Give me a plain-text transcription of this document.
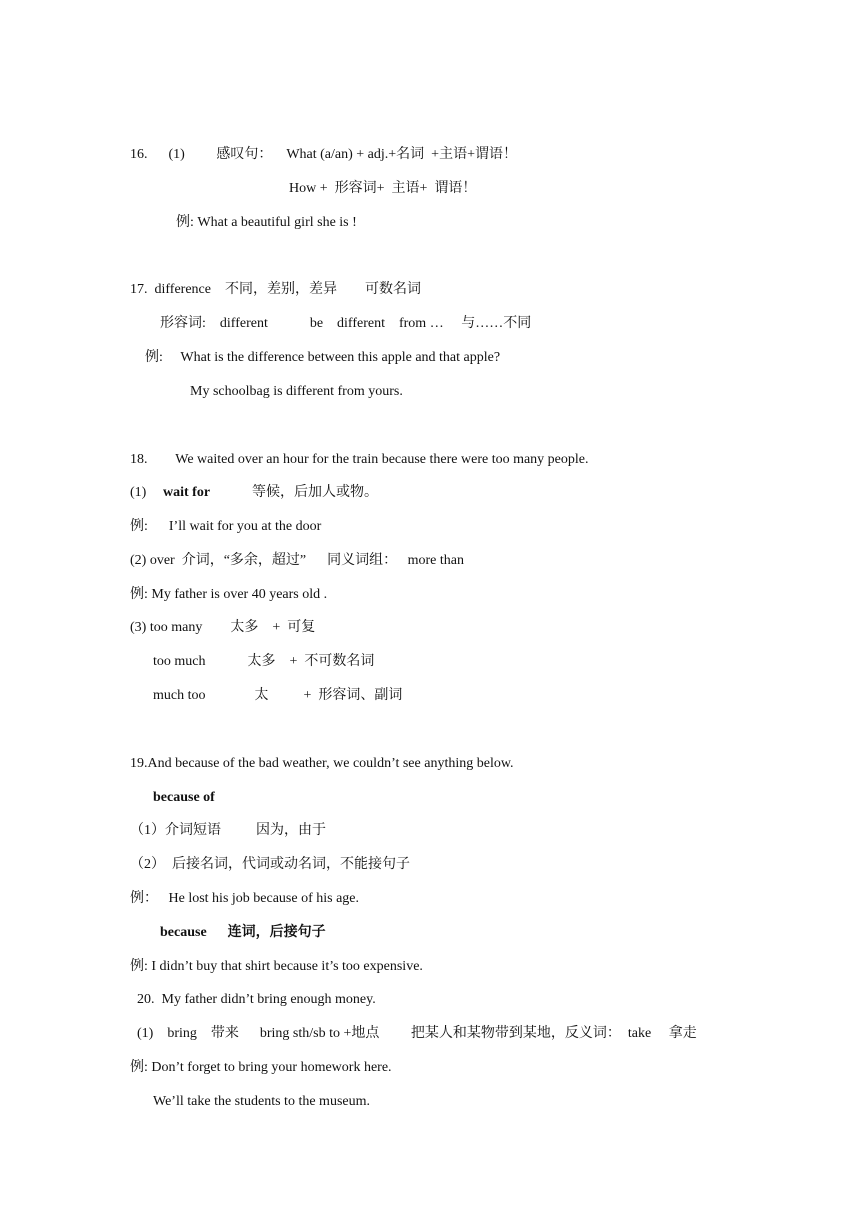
16.      (1)         感叹句：    What (a/an) + adj.+名词  +主语+谓语！
How +  形容词+  主语+  谓语！
例: What a beautiful girl she is !
17.  difference    不同，差别，差异        可数名词
形容词:    different            be    different    from …     与……不同
例:     What is the difference between this apple and that apple?
My schoolbag is different from yours.
18.        We waited over an hour for the train because there were too many people.
(1) wait for	等候，后加人或物。
例:      I’ll wait for you at the door
(2) over  介词，“多余，超过”      同义词组：   more than
例: My father is over 40 years old .
(3) too many        太多    +  可复
too much            太多    +  不可数名词
much too              太          +  形容词、副词
19.And because of the bad weather, we couldn’t see anything below.
because of
（1）介词短语          因为，由于
（2）  后接名词，代词或动名词，不能接句子
例：   He lost his job because of his age.
because      连词，后接句子
例: I didn’t buy that shirt because it’s too expensive.
20.  My father didn’t bring enough money.
(1)    bring    带来      bring sth/sb to +地点         把某人和某物带到某地，反义词：  take     拿走
例: Don’t forget to bring your homework here.
We’ll take the students to the museum.
